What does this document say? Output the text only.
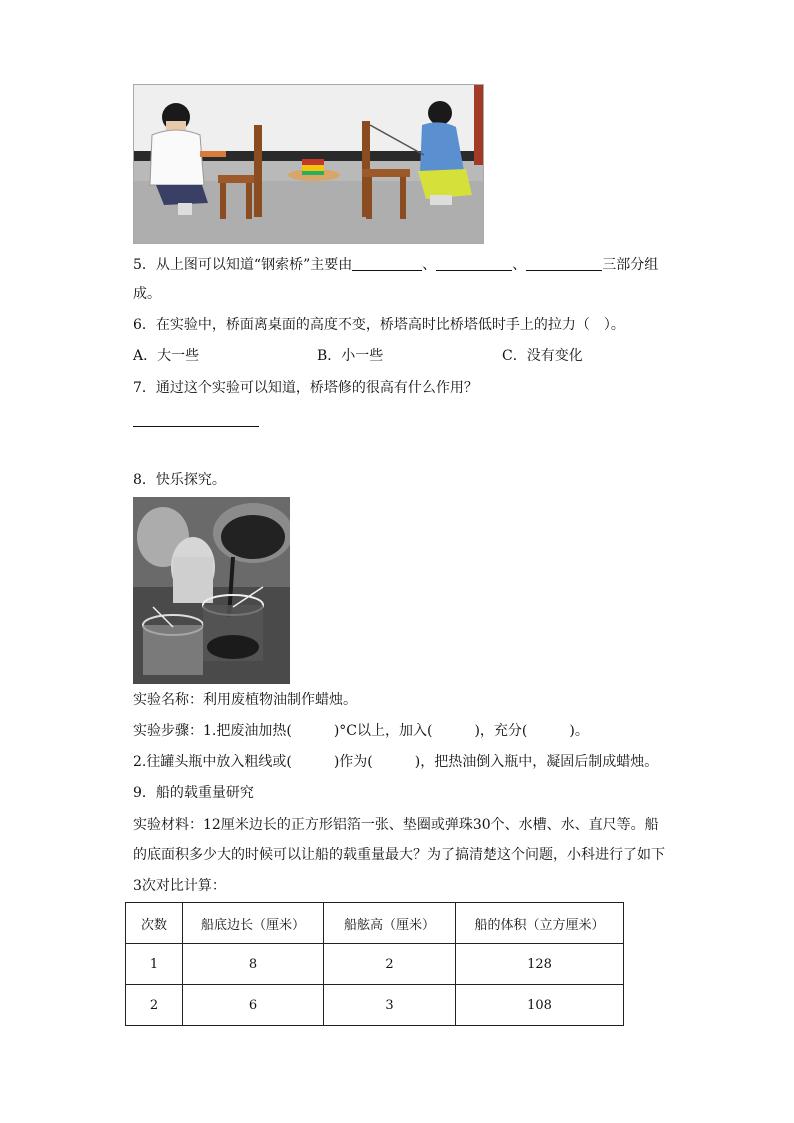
5．从上图可以知道“钢索桥”主要由	、	、	三部分组
成。
6．在实验中，桥面离桌面的高度不变，桥塔高时比桥塔低时手上的拉力（　）。
A．大一些	B．小一些	C．没有变化
7．通过这个实验可以知道，桥塔修的很高有什么作用？
8．快乐探究。
实验名称：利用废植物油制作蜡烛。
实验步骤：1.把废油加热(　　　)°C以上，加入(　　　)，充分(　　　)。
2.往罐头瓶中放入粗线或(　　　)作为(　　　)，把热油倒入瓶中，凝固后制成蜡烛。
9．船的载重量研究
实验材料：12厘米边长的正方形铝箔一张、垫圈或弹珠30个、水槽、水、直尺等。船
的底面积多少大的时候可以让船的载重量最大？为了搞清楚这个问题，小科进行了如下
3次对比计算：
次数	船底边长（厘米）	船舷高（厘米）	船的体积（立方厘米）
1	8	2	128
2	6	3	108
